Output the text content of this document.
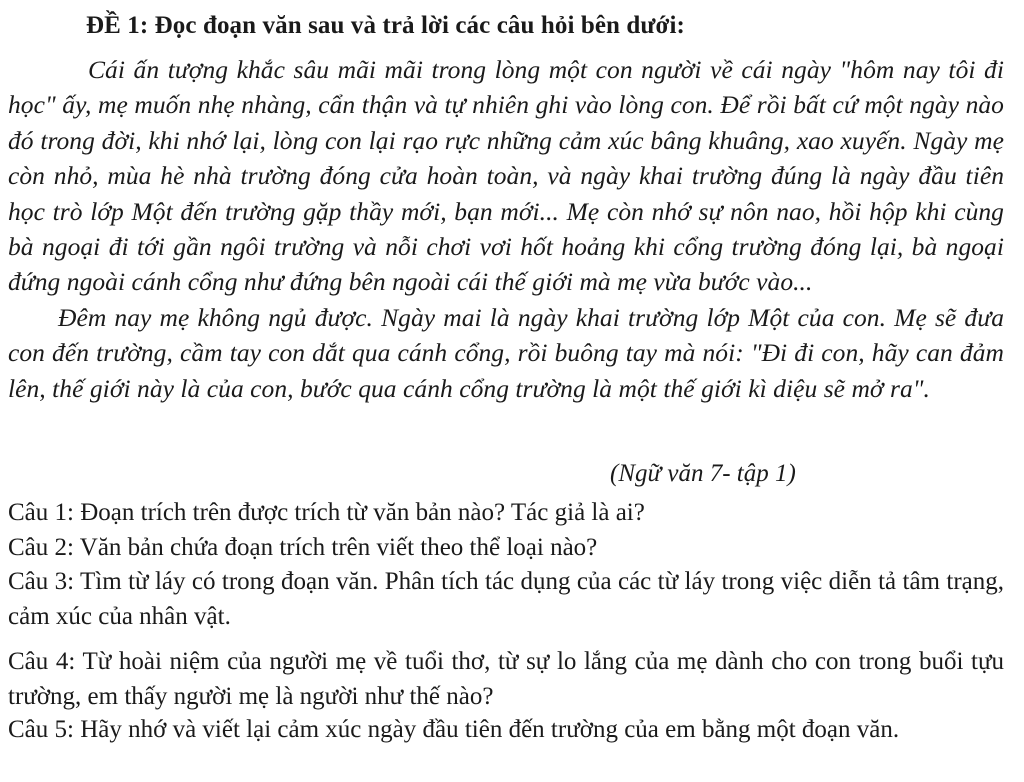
ĐỀ 1: Đọc đoạn văn sau và trả lời các câu hỏi bên dưới:

Cái ấn tượng khắc sâu mãi mãi trong lòng một con người về cái ngày "hôm nay tôi đi học" ấy, mẹ muốn nhẹ nhàng, cẩn thận và tự nhiên ghi vào lòng con. Để rồi bất cứ một ngày nào đó trong đời, khi nhớ lại, lòng con lại rạo rực những cảm xúc bâng khuâng, xao xuyến. Ngày mẹ còn nhỏ, mùa hè nhà trường đóng cửa hoàn toàn, và ngày khai trường đúng là ngày đầu tiên học trò lớp Một đến trường gặp thầy mới, bạn mới... Mẹ còn nhớ sự nôn nao, hồi hộp khi cùng bà ngoại đi tới gần ngôi trường và nỗi chơi vơi hốt hoảng khi cổng trường đóng lại, bà ngoại đứng ngoài cánh cổng như đứng bên ngoài cái thế giới mà mẹ vừa bước vào...

Đêm nay mẹ không ngủ được. Ngày mai là ngày khai trường lớp Một của con. Mẹ sẽ đưa con đến trường, cầm tay con dắt qua cánh cổng, rồi buông tay mà nói: "Đi đi con, hãy can đảm lên, thế giới này là của con, bước qua cánh cổng trường là một thế giới kì diệu sẽ mở ra".

(Ngữ văn 7- tập 1)
Câu 1: Đoạn trích trên được trích từ văn bản nào? Tác giả là ai?
Câu 2: Văn bản chứa đoạn trích trên viết theo thể loại nào?
Câu 3: Tìm từ láy có trong đoạn văn. Phân tích tác dụng của các từ láy trong việc diễn tả tâm trạng, cảm xúc của nhân vật.
Câu 4: Từ hoài niệm của người mẹ về tuổi thơ, từ sự lo lắng của mẹ dành cho con trong buổi tựu trường, em thấy người mẹ là người như thế nào?
Câu 5: Hãy nhớ và viết lại cảm xúc ngày đầu tiên đến trường của em bằng một đoạn văn.
